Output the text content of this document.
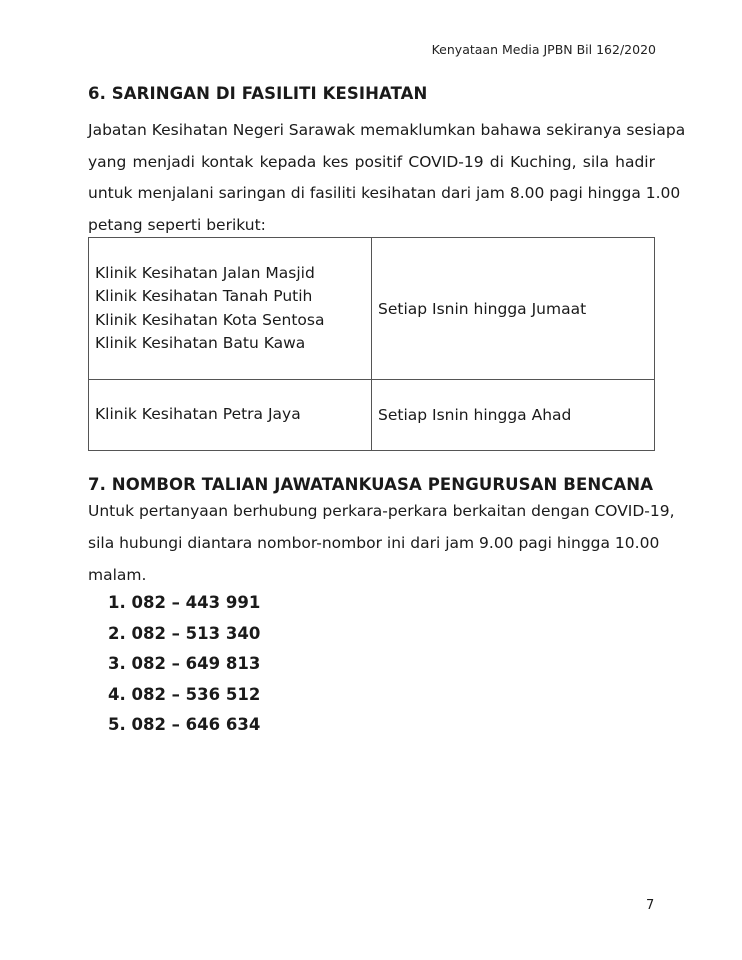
Kenyataan Media JPBN Bil 162/2020
6. SARINGAN DI FASILITI KESIHATAN
Jabatan Kesihatan Negeri Sarawak memaklumkan bahawa sekiranya sesiapa
yang menjadi kontak kepada kes positif COVID-19 di Kuching, sila hadir
untuk menjalani saringan di fasiliti kesihatan dari jam 8.00 pagi hingga 1.00
petang seperti berikut:
Klinik Kesihatan Jalan Masjid
Klinik Kesihatan Tanah Putih
Klinik Kesihatan Kota Sentosa
Klinik Kesihatan Batu Kawa	Setiap Isnin hingga Jumaat

Klinik Kesihatan Petra Jaya	Setiap Isnin hingga Ahad
7. NOMBOR TALIAN JAWATANKUASA PENGURUSAN BENCANA
Untuk pertanyaan berhubung perkara-perkara berkaitan dengan COVID-19,
sila hubungi diantara nombor-nombor ini dari jam 9.00 pagi hingga 10.00
malam.
1. 082 – 443 991
2. 082 – 513 340
3. 082 – 649 813
4. 082 – 536 512
5. 082 – 646 634
7
